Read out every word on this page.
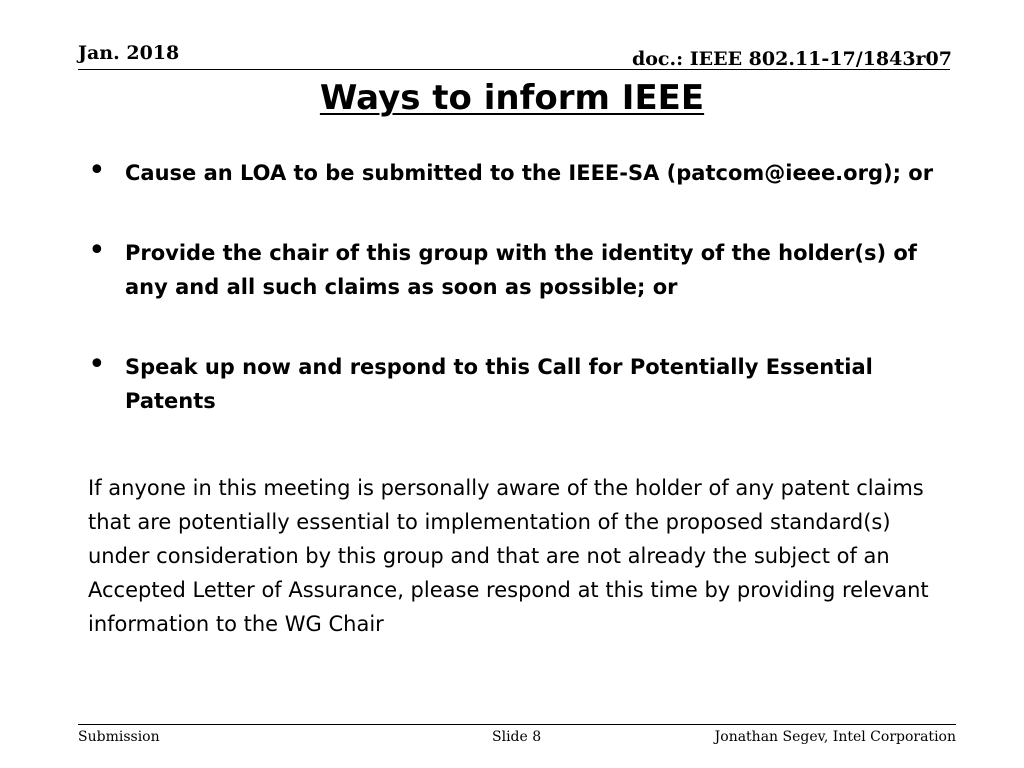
Jan. 2018	doc.: IEEE 802.11-17/1843r07
Ways to inform IEEE
• Cause an LOA to be submitted to the IEEE-SA (patcom@ieee.org); or
• Provide the chair of this group with the identity of the holder(s) of any and all such claims as soon as possible; or
• Speak up now and respond to this Call for Potentially Essential Patents

If anyone in this meeting is personally aware of the holder of any patent claims that are potentially essential to implementation of the proposed standard(s) under consideration by this group and that are not already the subject of an Accepted Letter of Assurance, please respond at this time by providing relevant information to the WG Chair

Submission	Slide 8	Jonathan Segev, Intel Corporation
